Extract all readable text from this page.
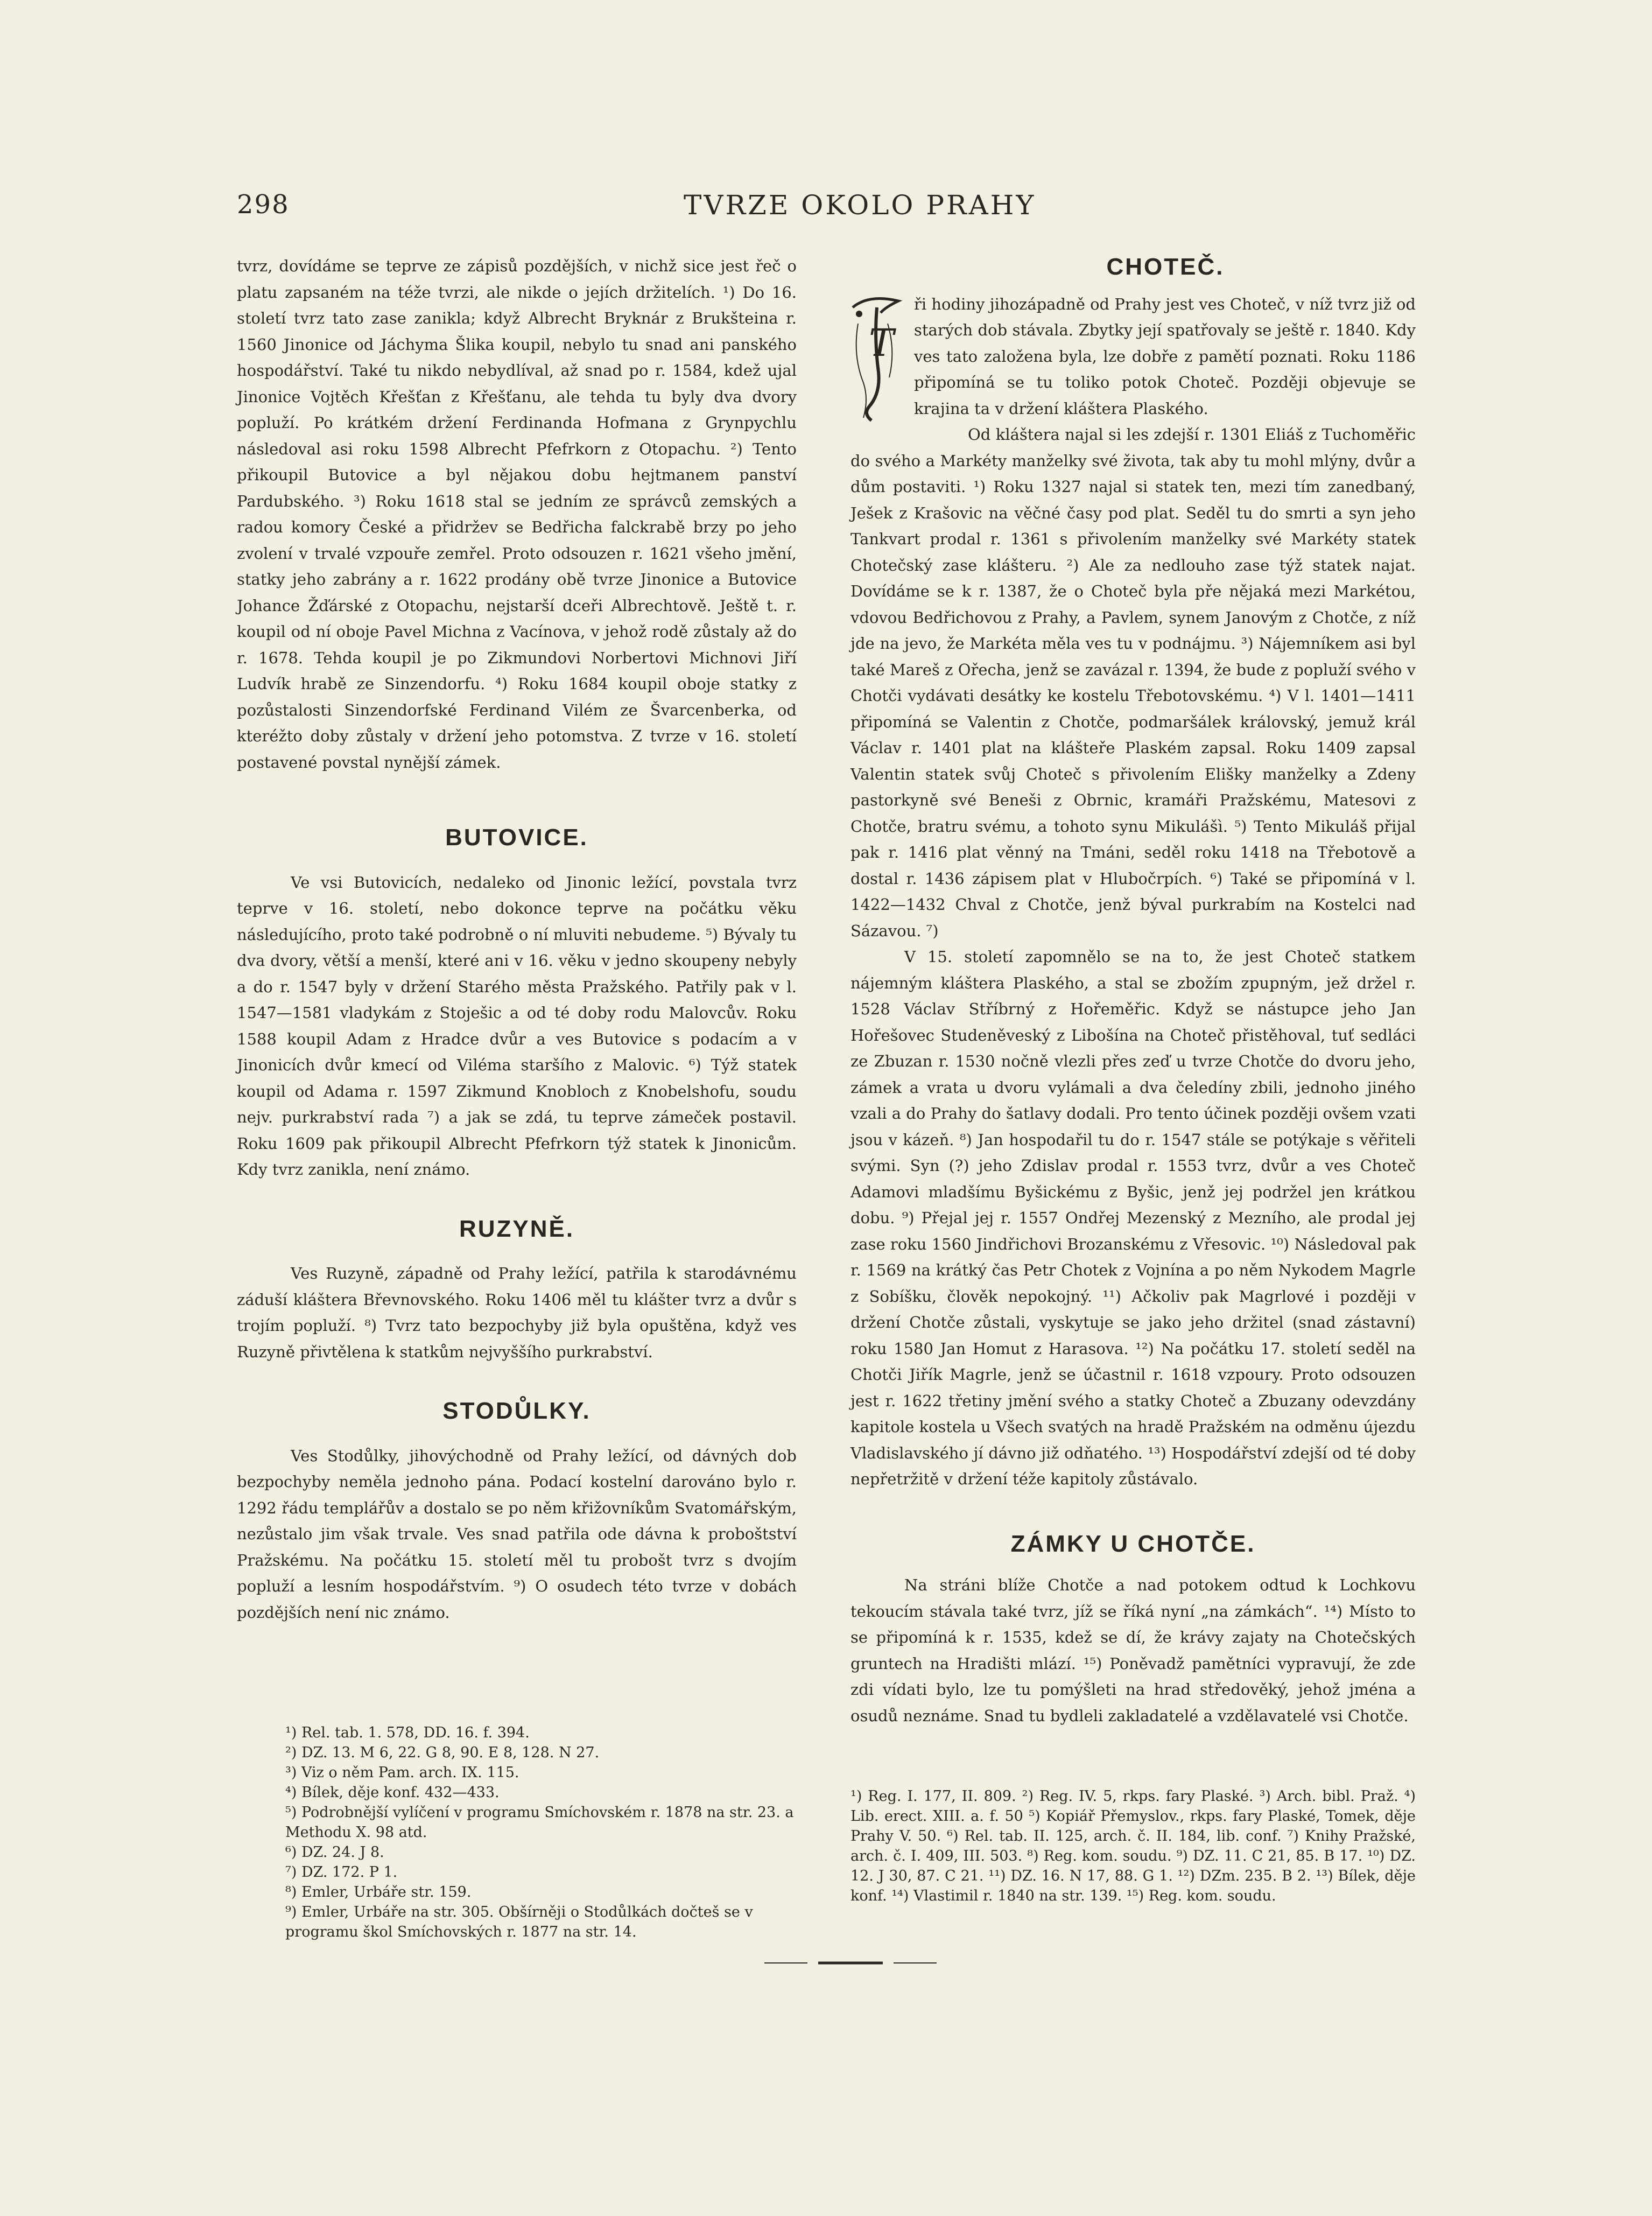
298	TVRZE OKOLO PRAHY

tvrz, dovídáme se teprve ze zápisů pozdějších, v nichž sice jest řeč o platu zapsaném na téže tvrzi, ale nikde o jejích držitelích. ¹) Do 16. století tvrz tato zase zanikla; když Albrecht Bryknár z Brukšteina r. 1560 Jinonice od Jáchyma Šlika koupil, nebylo tu snad ani panského hospodářství. Také tu nikdo nebydlíval, až snad po r. 1584, kdež ujal Jinonice Vojtěch Křešťan z Křešťanu, ale tehda tu byly dva dvory popluží. Po krátkém držení Ferdinanda Hofmana z Grynpychlu následoval asi roku 1598 Albrecht Pfefrkorn z Otopachu. ²) Tento přikoupil Butovice a byl nějakou dobu hejtmanem panství Pardubského. ³) Roku 1618 stal se jedním ze správců zemských a radou komory České a přidržev se Bedřicha falckrabě brzy po jeho zvolení v trvalé vzpouře zemřel. Proto odsouzen r. 1621 všeho jmění, statky jeho zabrány a r. 1622 prodány obě tvrze Jinonice a Butovice Johance Žďárské z Otopachu, nejstarší dceři Albrechtově. Ještě t. r. koupil od ní oboje Pavel Michna z Vacínova, v jehož rodě zůstaly až do r. 1678. Tehda koupil je po Zikmundovi Norbertovi Michnovi Jiří Ludvík hrabě ze Sinzendorfu. ⁴) Roku 1684 koupil oboje statky z pozůstalosti Sinzendorfské Ferdinand Vilém ze Švarcenberka, od kteréžto doby zůstaly v držení jeho potomstva. Z tvrze v 16. století postavené povstal nynější zámek.

BUTOVICE.

Ve vsi Butovicích, nedaleko od Jinonic ležící, povstala tvrz teprve v 16. století, nebo dokonce teprve na počátku věku následujícího, proto také podrobně o ní mluviti nebudeme. ⁵) Bývaly tu dva dvory, větší a menší, které ani v 16. věku v jedno skoupeny nebyly a do r. 1547 byly v držení Starého města Pražského. Patřily pak v l. 1547—1581 vladykám z Stoješic a od té doby rodu Malovcův. Roku 1588 koupil Adam z Hradce dvůr a ves Butovice s podacím a v Jinonicích dvůr kmecí od Viléma staršího z Malovic. ⁶) Týž statek koupil od Adama r. 1597 Zikmund Knobloch z Knobelshofu, soudu nejv. purkrabství rada ⁷) a jak se zdá, tu teprve zámeček postavil. Roku 1609 pak přikoupil Albrecht Pfefrkorn týž statek k Jinonicům. Kdy tvrz zanikla, není známo.

RUZYNĚ.

Ves Ruzyně, západně od Prahy ležící, patřila k starodávnému záduší kláštera Břevnovského. Roku 1406 měl tu klášter tvrz a dvůr s trojím popluží. ⁸) Tvrz tato bezpochyby již byla opuštěna, když ves Ruzyně přivtělena k statkům nejvyššího purkrabství.

STODŮLKY.

Ves Stodůlky, jihovýchodně od Prahy ležící, od dávných dob bezpochyby neměla jednoho pána. Podací kostelní darováno bylo r. 1292 řádu templářův a dostalo se po něm křižovníkům Svatomářským, nezůstalo jim však trvale. Ves snad patřila ode dávna k proboštství Pražskému. Na počátku 15. století měl tu probošt tvrz s dvojím popluží a lesním hospodářstvím. ⁹) O osudech této tvrze v dobách pozdějších není nic známo.

CHOTEČ.
T

ři hodiny jihozápadně od Prahy jest ves Choteč, v níž tvrz již od starých dob stávala. Zbytky její spatřovaly se ještě r. 1840. Kdy ves tato založena byla, lze dobře z pamětí poznati. Roku 1186 připomíná se tu toliko potok Choteč. Později objevuje se krajina ta v držení kláštera Plaského.

Od kláštera najal si les zdejší r. 1301 Eliáš z Tuchoměřic do svého a Markéty manželky své života, tak aby tu mohl mlýny, dvůr a dům postaviti. ¹) Roku 1327 najal si statek ten, mezi tím zanedbaný, Ješek z Krašovic na věčné časy pod plat. Seděl tu do smrti a syn jeho Tankvart prodal r. 1361 s přivolením manželky své Markéty statek Chotečský zase klášteru. ²) Ale za nedlouho zase týž statek najat. Dovídáme se k r. 1387, že o Choteč byla pře nějaká mezi Markétou, vdovou Bedřichovou z Prahy, a Pavlem, synem Janovým z Chotče, z níž jde na jevo, že Markéta měla ves tu v podnájmu. ³) Nájemníkem asi byl také Mareš z Ořecha, jenž se zavázal r. 1394, že bude z popluží svého v Chotči vydávati desátky ke kostelu Třebotovskému. ⁴) V l. 1401—1411 připomíná se Valentin z Chotče, podmaršálek královský, jemuž král Václav r. 1401 plat na klášteře Plaském zapsal. Roku 1409 zapsal Valentin statek svůj Choteč s přivolením Elišky manželky a Zdeny pastorkyně své Beneši z Obrnic, kramáři Pražskému, Matesovi z Chotče, bratru svému, a tohoto synu Mikulášì. ⁵) Tento Mikuláš přijal pak r. 1416 plat věnný na Tmáni, seděl roku 1418 na Třebotově a dostal r. 1436 zápisem plat v Hlubočrpích. ⁶) Také se připomíná v l. 1422—1432 Chval z Chotče, jenž býval purkrabím na Kostelci nad Sázavou. ⁷)

V 15. století zapomnělo se na to, že jest Choteč statkem nájemným kláštera Plaského, a stal se zbožím zpupným, jež držel r. 1528 Václav Stříbrný z Hořeměřic. Když se nástupce jeho Jan Hořešovec Studeněveský z Libošína na Choteč přistěhoval, tuť sedláci ze Zbuzan r. 1530 nočně vlezli přes zeď u tvrze Chotče do dvoru jeho, zámek a vrata u dvoru vylámali a dva čeledíny zbili, jednoho jiného vzali a do Prahy do šatlavy dodali. Pro tento účinek později ovšem vzati jsou v kázeň. ⁸) Jan hospodařil tu do r. 1547 stále se potýkaje s věřiteli svými. Syn (?) jeho Zdislav prodal r. 1553 tvrz, dvůr a ves Choteč Adamovi mladšímu Byšickému z Byšic, jenž jej podržel jen krátkou dobu. ⁹) Přejal jej r. 1557 Ondřej Mezenský z Mezního, ale prodal jej zase roku 1560 Jindřichovi Brozanskému z Vřesovic. ¹⁰) Následoval pak r. 1569 na krátký čas Petr Chotek z Vojnína a po něm Nykodem Magrle z Sobíšku, člověk nepokojný. ¹¹) Ačkoliv pak Magrlové i později v držení Chotče zůstali, vyskytuje se jako jeho držitel (snad zástavní) roku 1580 Jan Homut z Harasova. ¹²) Na počátku 17. století seděl na Chotči Jiřík Magrle, jenž se účastnil r. 1618 vzpoury. Proto odsouzen jest r. 1622 třetiny jmění svého a statky Choteč a Zbuzany odevzdány kapitole kostela u Všech svatých na hradě Pražském na odměnu újezdu Vladislavského jí dávno již odňatého. ¹³) Hospodářství zdejší od té doby nepřetržitě v držení téže kapitoly zůstávalo.

ZÁMKY U CHOTČE.

Na stráni blíže Chotče a nad potokem odtud k Lochkovu tekoucím stávala také tvrz, jíž se říká nyní „na zámkách“. ¹⁴) Místo to se připomíná k r. 1535, kdež se dí, že krávy zajaty na Chotečských gruntech na Hradišti mlází. ¹⁵) Poněvadž pamětníci vypravují, že zde zdi vídati bylo, lze tu pomýšleti na hrad středověký, jehož jména a osudů neznáme. Snad tu bydleli zakladatelé a vzdělavatelé vsi Chotče.

¹) Rel. tab. 1. 578, DD. 16. f. 394.
²) DZ. 13. M 6, 22. G 8, 90. E 8, 128. N 27.
³) Viz o něm Pam. arch. IX. 115.
⁴) Bílek, děje konf. 432—433.
⁵) Podrobnější vylíčení v programu Smíchovském r. 1878 na str. 23. a Methodu X. 98 atd.
⁶) DZ. 24. J 8.
⁷) DZ. 172. P 1.
⁸) Emler, Urbáře str. 159.
⁹) Emler, Urbáře na str. 305. Obšírněji o Stodůlkách dočteš se v programu škol Smíchovských r. 1877 na str. 14.

¹) Reg. I. 177, II. 809. ²) Reg. IV. 5, rkps. fary Plaské. ³) Arch. bibl. Praž. ⁴) Lib. erect. XIII. a. f. 50 ⁵) Kopiář Přemyslov., rkps. fary Plaské, Tomek, děje Prahy V. 50. ⁶) Rel. tab. II. 125, arch. č. II. 184, lib. conf. ⁷) Knihy Pražské, arch. č. I. 409, III. 503. ⁸) Reg. kom. soudu. ⁹) DZ. 11. C 21, 85. B 17. ¹⁰) DZ. 12. J 30, 87. C 21. ¹¹) DZ. 16. N 17, 88. G 1. ¹²) DZm. 235. B 2. ¹³) Bílek, děje konf. ¹⁴) Vlastimil r. 1840 na str. 139. ¹⁵) Reg. kom. soudu.
